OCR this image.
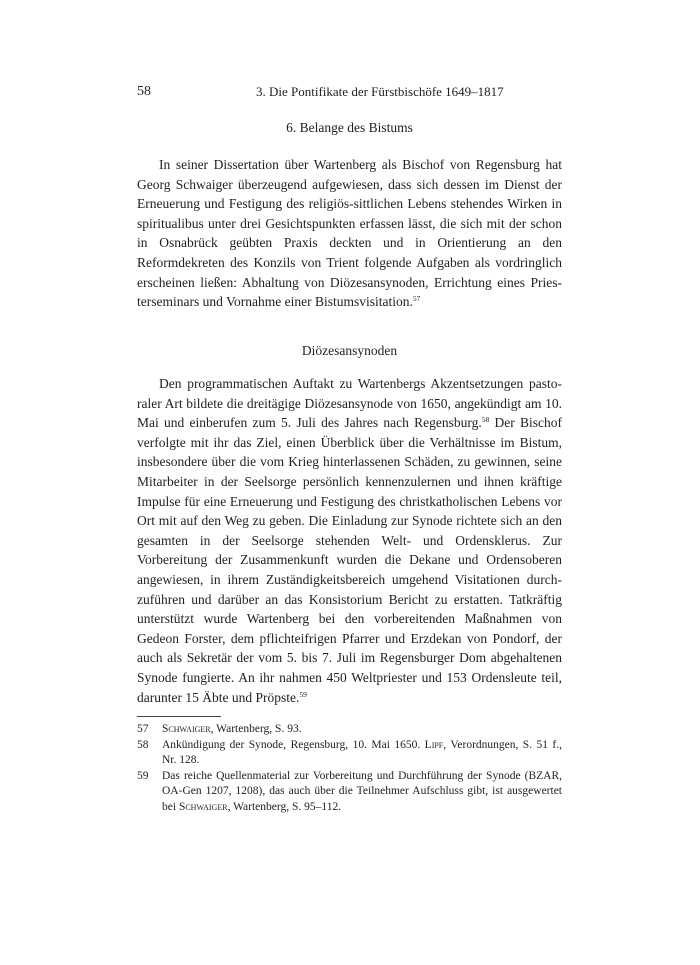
58	3. Die Pontifikate der Fürstbischöfe 1649–1817
6. Belange des Bistums

In seiner Dissertation über Wartenberg als Bischof von Regensburg hat Georg Schwaiger überzeugend aufgewiesen, dass sich dessen im Dienst der Erneuerung und Festigung des religiös-sittlichen Lebens stehendes Wirken in spiritualibus unter drei Gesichtspunkten erfassen lässt, die sich mit der schon in Osnabrück geübten Praxis deckten und in Orientierung an den Reformdekreten des Konzils von Trient folgende Aufgaben als vordringlich erscheinen ließen: Abhaltung von Diözesansynoden, Errichtung eines Priesterseminars und Vornahme einer Bistumsvisitation.$^{57}$

Diözesansynoden

Den programmatischen Auftakt zu Wartenbergs Akzentsetzungen pastoraler Art bildete die dreitägige Diözesansynode von 1650, angekündigt am 10. Mai und einberufen zum 5. Juli des Jahres nach Regensburg.$^{58}$ Der Bischof verfolgte mit ihr das Ziel, einen Überblick über die Verhältnisse im Bistum, insbesondere über die vom Krieg hinterlassenen Schäden, zu gewinnen, seine Mitarbeiter in der Seelsorge persönlich kennenzulernen und ihnen kräftige Impulse für eine Erneuerung und Festigung des christkatholischen Lebens vor Ort mit auf den Weg zu geben. Die Einladung zur Synode richtete sich an den gesamten in der Seelsorge stehenden Welt- und Ordensklerus. Zur Vorbereitung der Zusammenkunft wurden die Dekane und Ordensoberen angewiesen, in ihrem Zuständigkeitsbereich umgehend Visitationen durchzuführen und darüber an das Konsistorium Bericht zu erstatten. Tatkräftig unterstützt wurde Wartenberg bei den vorbereitenden Maßnahmen von Gedeon Forster, dem pflichteifrigen Pfarrer und Erzdekan von Pondorf, der auch als Sekretär der vom 5. bis 7. Juli im Regensburger Dom abgehaltenen Synode fungierte. An ihr nahmen 450 Weltpriester und 153 Ordensleute teil, darunter 15 Äbte und Pröpste.$^{59}$

57 Schwaiger, Wartenberg, S. 93.

58 Ankündigung der Synode, Regensburg, 10. Mai 1650. Lipf, Verordnungen, S. 51 f., Nr. 128.

59 Das reiche Quellenmaterial zur Vorbereitung und Durchführung der Synode (BZAR, OA-Gen 1207, 1208), das auch über die Teilnehmer Aufschluss gibt, ist ausgewertet bei Schwaiger, Wartenberg, S. 95–112.
